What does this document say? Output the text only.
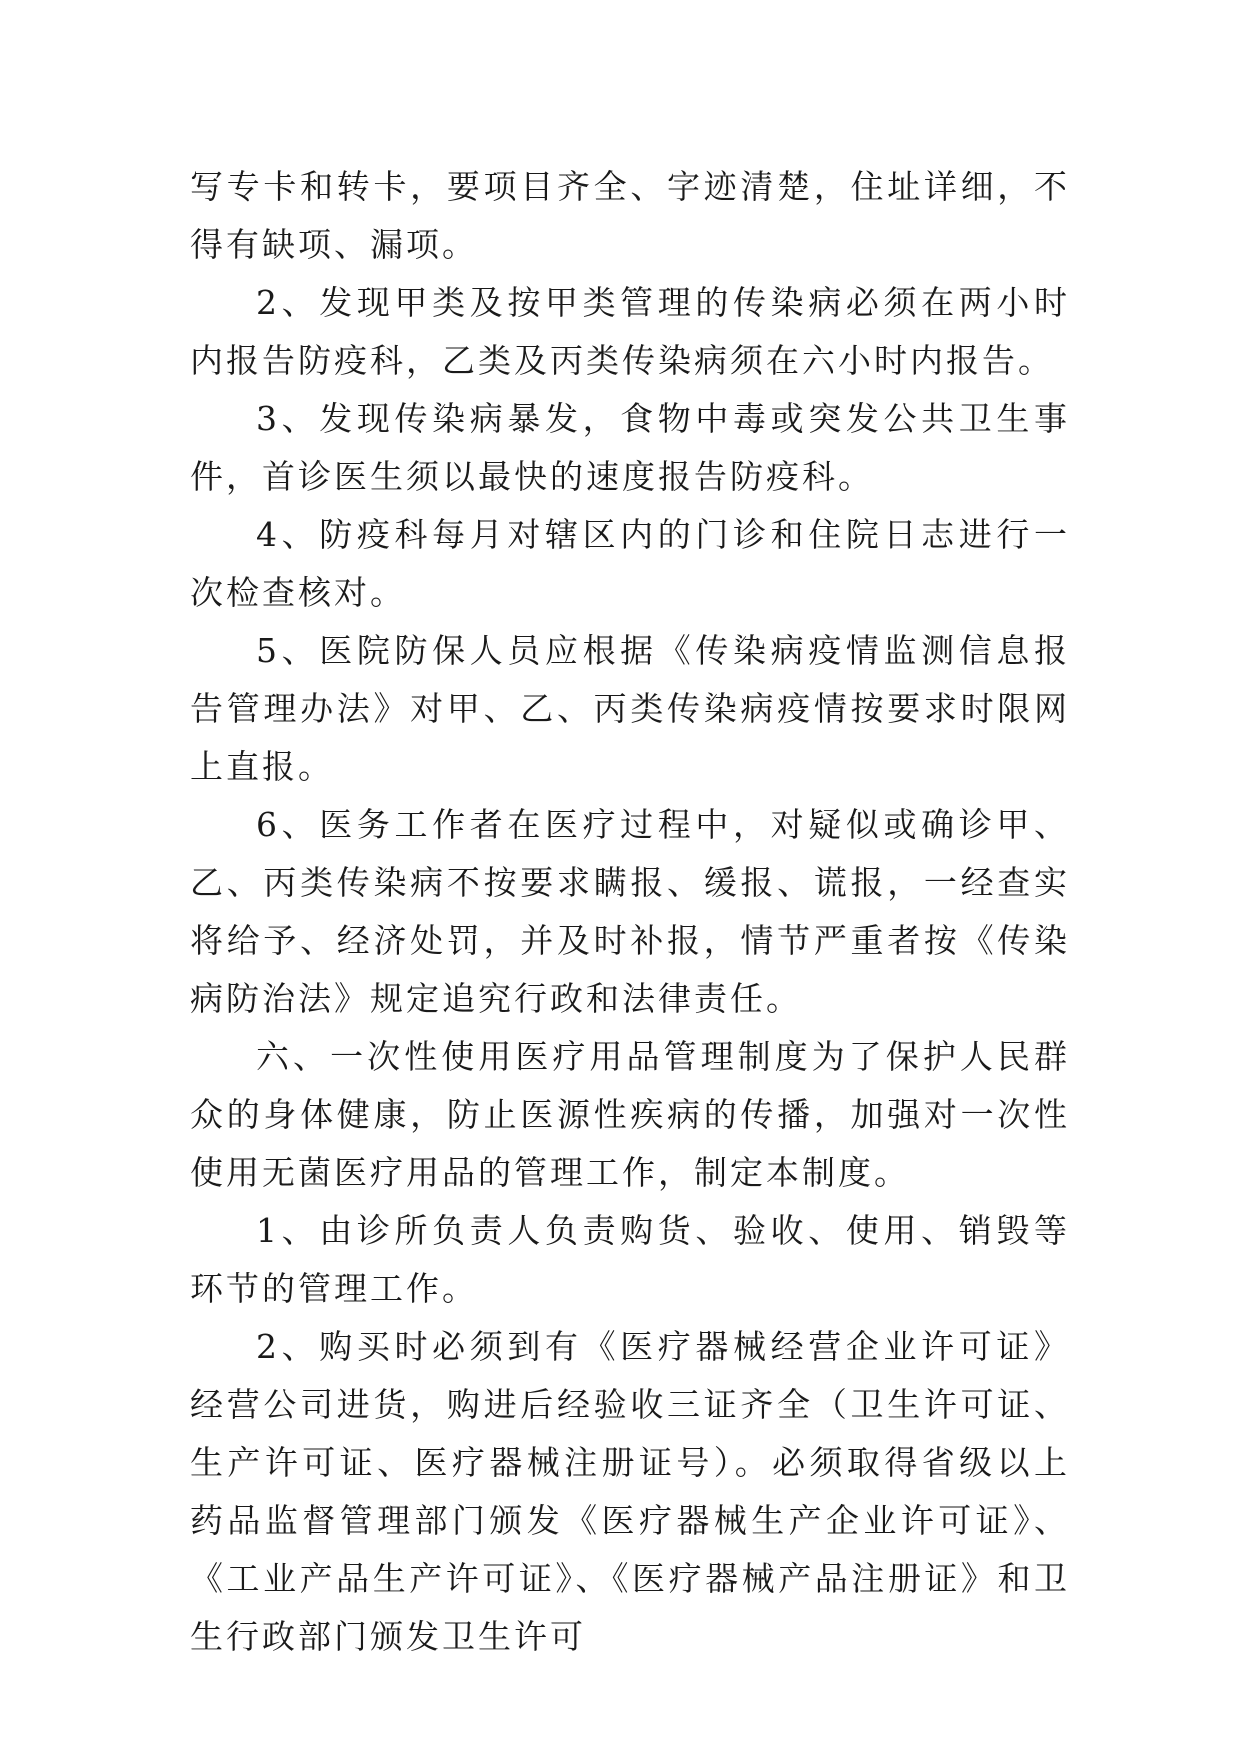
写专卡和转卡，要项目齐全、字迹清楚，住址详细，不得有缺项、漏项。

2、发现甲类及按甲类管理的传染病必须在两小时内报告防疫科，乙类及丙类传染病须在六小时内报告。

3、发现传染病暴发，食物中毒或突发公共卫生事件，首诊医生须以最快的速度报告防疫科。

4、防疫科每月对辖区内的门诊和住院日志进行一次检查核对。

5、医院防保人员应根据《传染病疫情监测信息报告管理办法》对甲、乙、丙类传染病疫情按要求时限网上直报。

6、医务工作者在医疗过程中，对疑似或确诊甲、乙、丙类传染病不按要求瞒报、缓报、谎报，一经查实将给予、经济处罚，并及时补报，情节严重者按《传染病防治法》规定追究行政和法律责任。

六、一次性使用医疗用品管理制度为了保护人民群众的身体健康，防止医源性疾病的传播，加强对一次性使用无菌医疗用品的管理工作，制定本制度。

1、由诊所负责人负责购货、验收、使用、销毁等环节的管理工作。

2、购买时必须到有《医疗器械经营企业许可证》经营公司进货，购进后经验收三证齐全（卫生许可证、生产许可证、医疗器械注册证号）。必须取得省级以上药品监督管理部门颁发《医疗器械生产企业许可证》、《工业产品生产许可证》、《医疗器械产品注册证》和卫生行政部门颁发卫生许可
